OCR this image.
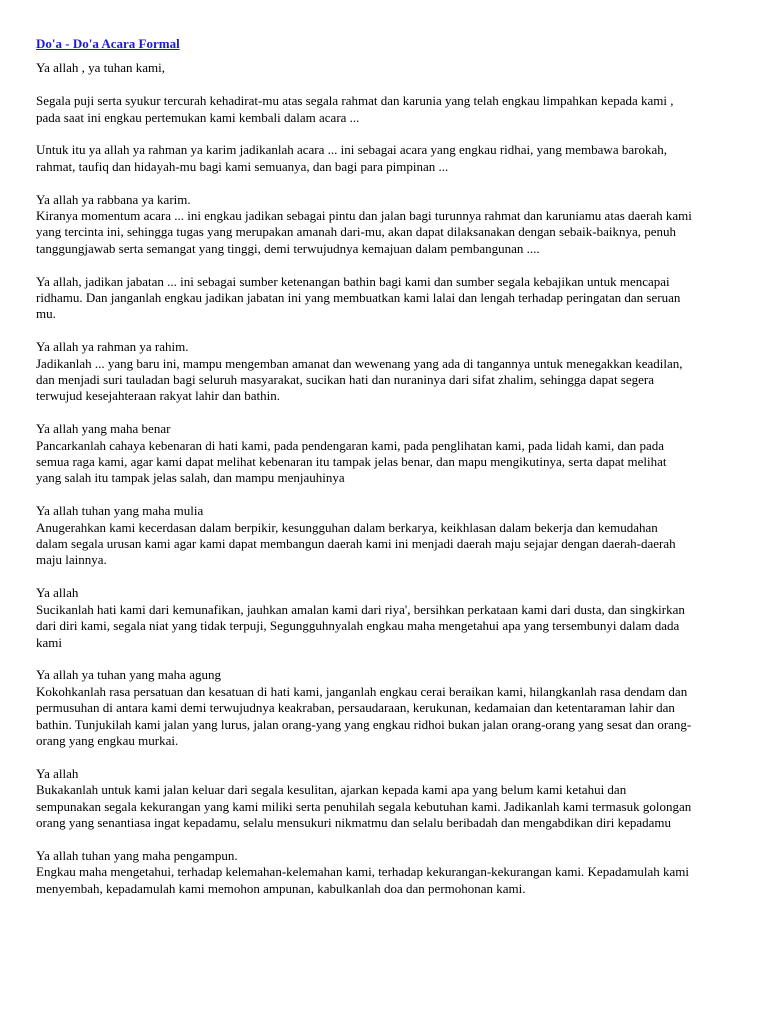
Do'a - Do'a Acara Formal
Ya allah , ya tuhan kami,

Segala puji serta syukur tercurah kehadirat-mu atas segala rahmat dan karunia yang telah engkau limpahkan kepada kami ,
pada saat ini engkau pertemukan kami kembali dalam acara ...

Untuk itu ya allah ya rahman ya karim jadikanlah acara ... ini sebagai acara yang engkau ridhai, yang membawa barokah,
rahmat, taufiq dan hidayah-mu bagi kami semuanya, dan bagi para pimpinan ...

Ya allah ya rabbana ya karim.
Kiranya momentum acara ... ini engkau jadikan sebagai pintu dan jalan bagi turunnya rahmat dan karuniamu atas daerah kami
yang tercinta ini, sehingga tugas yang merupakan amanah dari-mu, akan dapat dilaksanakan dengan sebaik-baiknya, penuh
tanggungjawab serta semangat yang tinggi, demi terwujudnya kemajuan dalam pembangunan ....

Ya allah, jadikan jabatan ... ini sebagai sumber ketenangan bathin bagi kami dan sumber segala kebajikan untuk mencapai
ridhamu. Dan janganlah engkau jadikan jabatan ini yang membuatkan kami lalai dan lengah terhadap peringatan dan seruan
mu.

Ya allah ya rahman ya rahim.
Jadikanlah ... yang baru ini, mampu mengemban amanat dan wewenang yang ada di tangannya untuk menegakkan keadilan,
dan menjadi suri tauladan bagi seluruh masyarakat, sucikan hati dan nuraninya dari sifat zhalim, sehingga dapat segera
terwujud kesejahteraan rakyat lahir dan bathin.

Ya allah yang maha benar
Pancarkanlah cahaya kebenaran di hati kami, pada pendengaran kami, pada penglihatan kami, pada lidah kami, dan pada
semua raga kami, agar kami dapat melihat kebenaran itu tampak jelas benar, dan mapu mengikutinya, serta dapat melihat
yang salah itu tampak jelas salah, dan mampu menjauhinya

Ya allah tuhan yang maha mulia
Anugerahkan kami kecerdasan dalam berpikir, kesungguhan dalam berkarya, keikhlasan dalam bekerja dan kemudahan
dalam segala urusan kami agar kami dapat membangun daerah kami ini menjadi daerah maju sejajar dengan daerah-daerah
maju lainnya.

Ya allah
Sucikanlah hati kami dari kemunafikan, jauhkan amalan kami dari riya', bersihkan perkataan kami dari dusta, dan singkirkan
dari diri kami, segala niat yang tidak terpuji, Segungguhnyalah engkau maha mengetahui apa yang tersembunyi dalam dada
kami

Ya allah ya tuhan yang maha agung
Kokohkanlah rasa persatuan dan kesatuan di hati kami, janganlah engkau cerai beraikan kami, hilangkanlah rasa dendam dan
permusuhan di antara kami demi terwujudnya keakraban, persaudaraan, kerukunan, kedamaian dan ketentaraman lahir dan
bathin. Tunjukilah kami jalan yang lurus, jalan orang-yang yang engkau ridhoi bukan jalan orang-orang yang sesat dan orang-
orang yang engkau murkai.

Ya allah
Bukakanlah untuk kami jalan keluar dari segala kesulitan, ajarkan kepada kami apa yang belum kami ketahui dan
sempunakan segala kekurangan yang kami miliki serta penuhilah segala kebutuhan kami. Jadikanlah kami termasuk golongan
orang yang senantiasa ingat kepadamu, selalu mensukuri nikmatmu dan selalu beribadah dan mengabdikan diri kepadamu

Ya allah tuhan yang maha pengampun.
Engkau maha mengetahui, terhadap kelemahan-kelemahan kami, terhadap kekurangan-kekurangan kami. Kepadamulah kami
menyembah, kepadamulah kami memohon ampunan, kabulkanlah doa dan permohonan kami.
